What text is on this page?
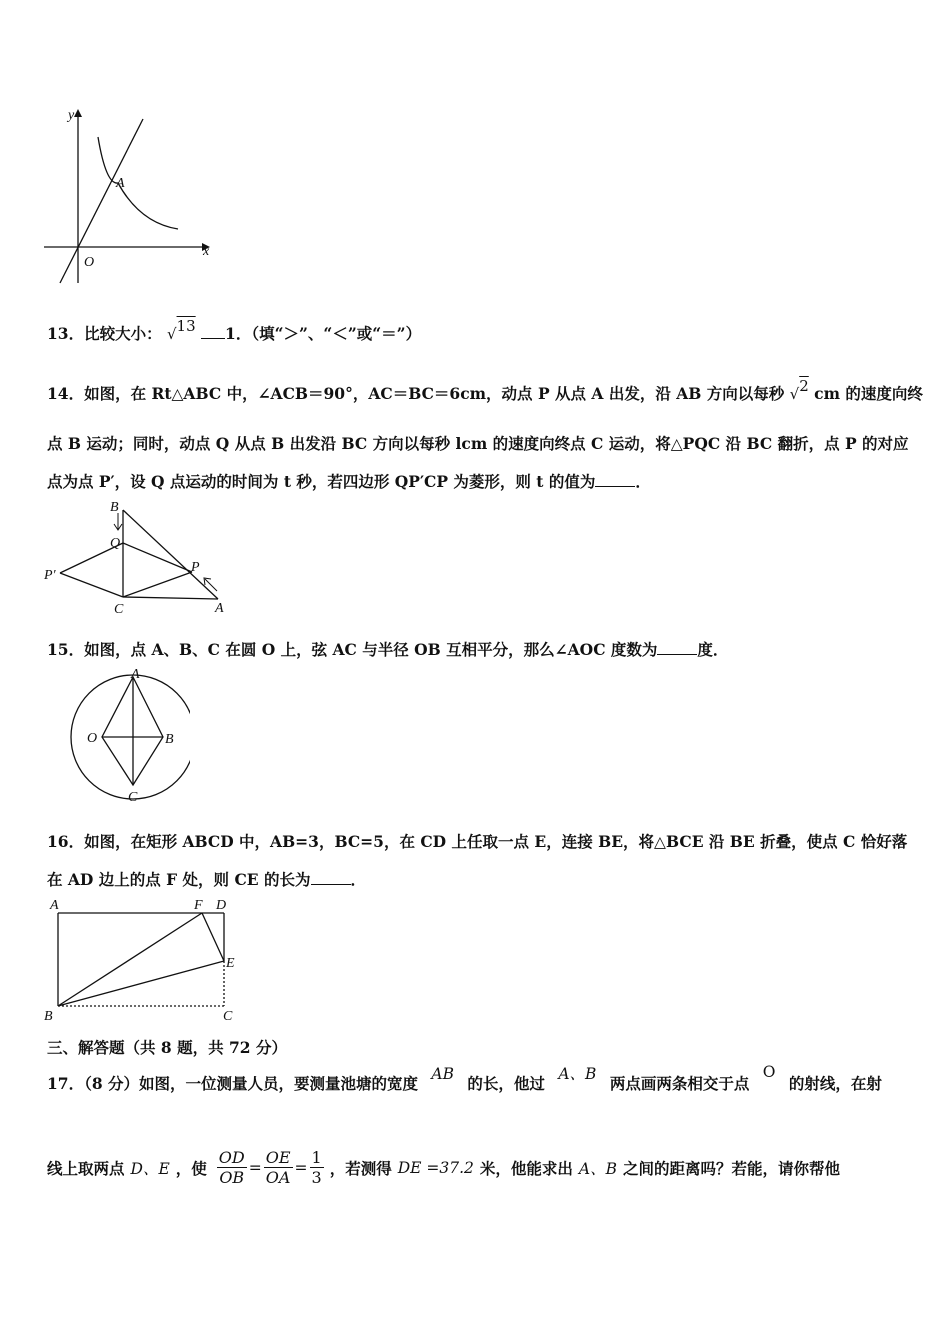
y
x
O
A
13．比较大小： √13 1．（填“＞”、“＜”或“＝”）
14．如图，在 Rt△ABC 中，∠ACB＝90°，AC＝BC＝6cm，动点 P 从点 A 出发，沿 AB 方向以每秒 √2 cm 的速度向终
点 B 运动；同时，动点 Q 从点 B 出发沿 BC 方向以每秒 lcm 的速度向终点 C 运动，将△PQC 沿 BC 翻折，点 P 的对应
点为点 P′，设 Q 点运动的时间为 t 秒，若四边形 QP′CP 为菱形，则 t 的值为	．
B
Q
P′
P
C	A
15．如图，点 A、B、C 在圆 O 上，弦 AC 与半径 OB 互相平分，那么∠AOC 度数为	度．
A
O	B
C
16．如图，在矩形 ABCD 中，AB=3，BC=5，在 CD 上任取一点 E，连接 BE，将△BCE 沿 BE 折叠，使点 C 恰好落
在 AD 边上的点 F 处，则 CE 的长为	．
A	F D
E
B	C
三、解答题（共 8 题，共 72 分）
17．（8 分）如图，一位测量人员，要测量池塘的宽度 AB 的长，他过 A、B 两点画两条相交于点 O 的射线，在射
线上取两点 D、E ，使 $\frac{OD}{OB} = \frac{OE}{OA} = \frac{1}{3}$ ，若测得 DE =37.2 米，他能求出 A、B 之间的距离吗？若能，请你帮他
